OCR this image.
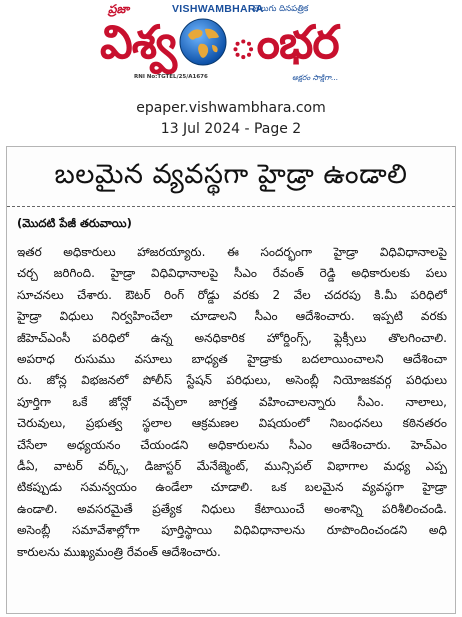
ప్రజా	VISHWAMBHARA
తెలుగు దినపత్రిక
విశ్వ ంభర
RNI No:TGTEL/25/A1676	అక్షరం సాక్షిగా...
epaper.vishwambhara.com
13 Jul 2024 - Page 2
బలమైన వ్యవస్థగా హైడ్రా ఉండాలి
(మొదటి పేజీ తరువాయి)
ఇతర అధికారులు హాజరయ్యారు. ఈ సందర్భంగా హైడ్రా విధివిధానాలపై
చర్చ జరిగింది. హైడ్రా విధివిధానాలపై సీఎం రేవంత్ రెడ్డి అధికారులకు పలు
సూచనలు చేశారు. ఔటర్ రింగ్ రోడ్డు వరకు 2 వేల చదరపు కి.మీ పరిధిలో
హైడ్రా విధులు నిర్వహించేలా చూడాలని సీఎం ఆదేశించారు. ఇప్పటి వరకు
జీహెచ్ఎంసీ పరిధిలో ఉన్న అనధికారిక హోర్డింగ్స్, ఫ్లెక్సీలు తొలగించాలి.
అపరాధ రుసుము వసూలు బాధ్యత హైడ్రాకు బదలాయించాలని ఆదేశించా
రు. జోన్ల విభజనలో పోలీస్ స్టేషన్ పరిధులు, అసెంబ్లీ నియోజకవర్గ పరిధులు
పూర్తిగా ఒకే జోన్లో వచ్చేలా జాగ్రత్త వహించాలన్నారు సీఎం. నాలాలు,
చెరువులు, ప్రభుత్వ స్థలాల ఆక్రమణల విషయంలో నిబంధనలు కఠినతరం
చేసేలా అధ్యయనం చేయండని అధికారులను సీఎం ఆదేశించారు. హెచ్ఎం
డీఏ, వాటర్ వర్క్స్, డిజాస్టర్ మేనేజ్మెంట్, మున్సిపల్ విభాగాల మధ్య ఎప్ప
టికప్పుడు సమన్వయం ఉండేలా చూడాలి. ఒక బలమైన వ్యవస్థగా హైడ్రా
ఉండాలి. అవసరమైతే ప్రత్యేక నిధులు కేటాయించే అంశాన్ని పరిశీలించండి.
అసెంబ్లీ సమావేశాల్లోగా పూర్తిస్థాయి విధివిధానాలను రూపొందించండని అధి
కారులను ముఖ్యమంత్రి రేవంత్ ఆదేశించారు.
